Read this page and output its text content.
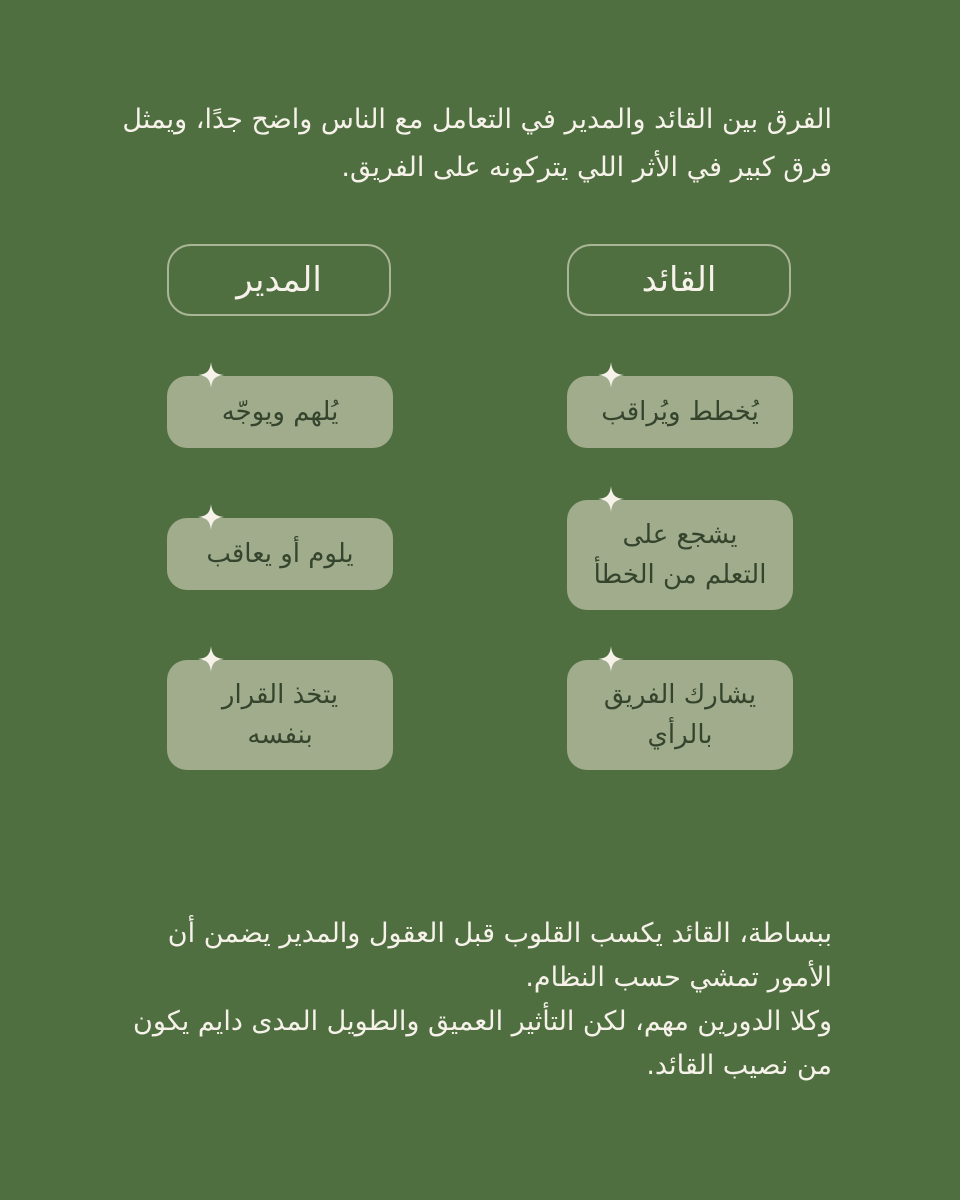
الفرق بين القائد والمدير في التعامل مع الناس واضح جدًا، ويمثل فرق كبير في الأثر اللي يتركونه على الفريق.

القائد
المدير
يُخطط ويُراقب
يشجع على
التعلم من الخطأ
يشارك الفريق
بالرأي
يُلهم ويوجّه
يلوم أو يعاقب
يتخذ القرار
بنفسه

ببساطة، القائد يكسب القلوب قبل العقول والمدير يضمن أن الأمور تمشي حسب النظام.

وكلا الدورين مهم، لكن التأثير العميق والطويل المدى دايم يكون من نصيب القائد.
